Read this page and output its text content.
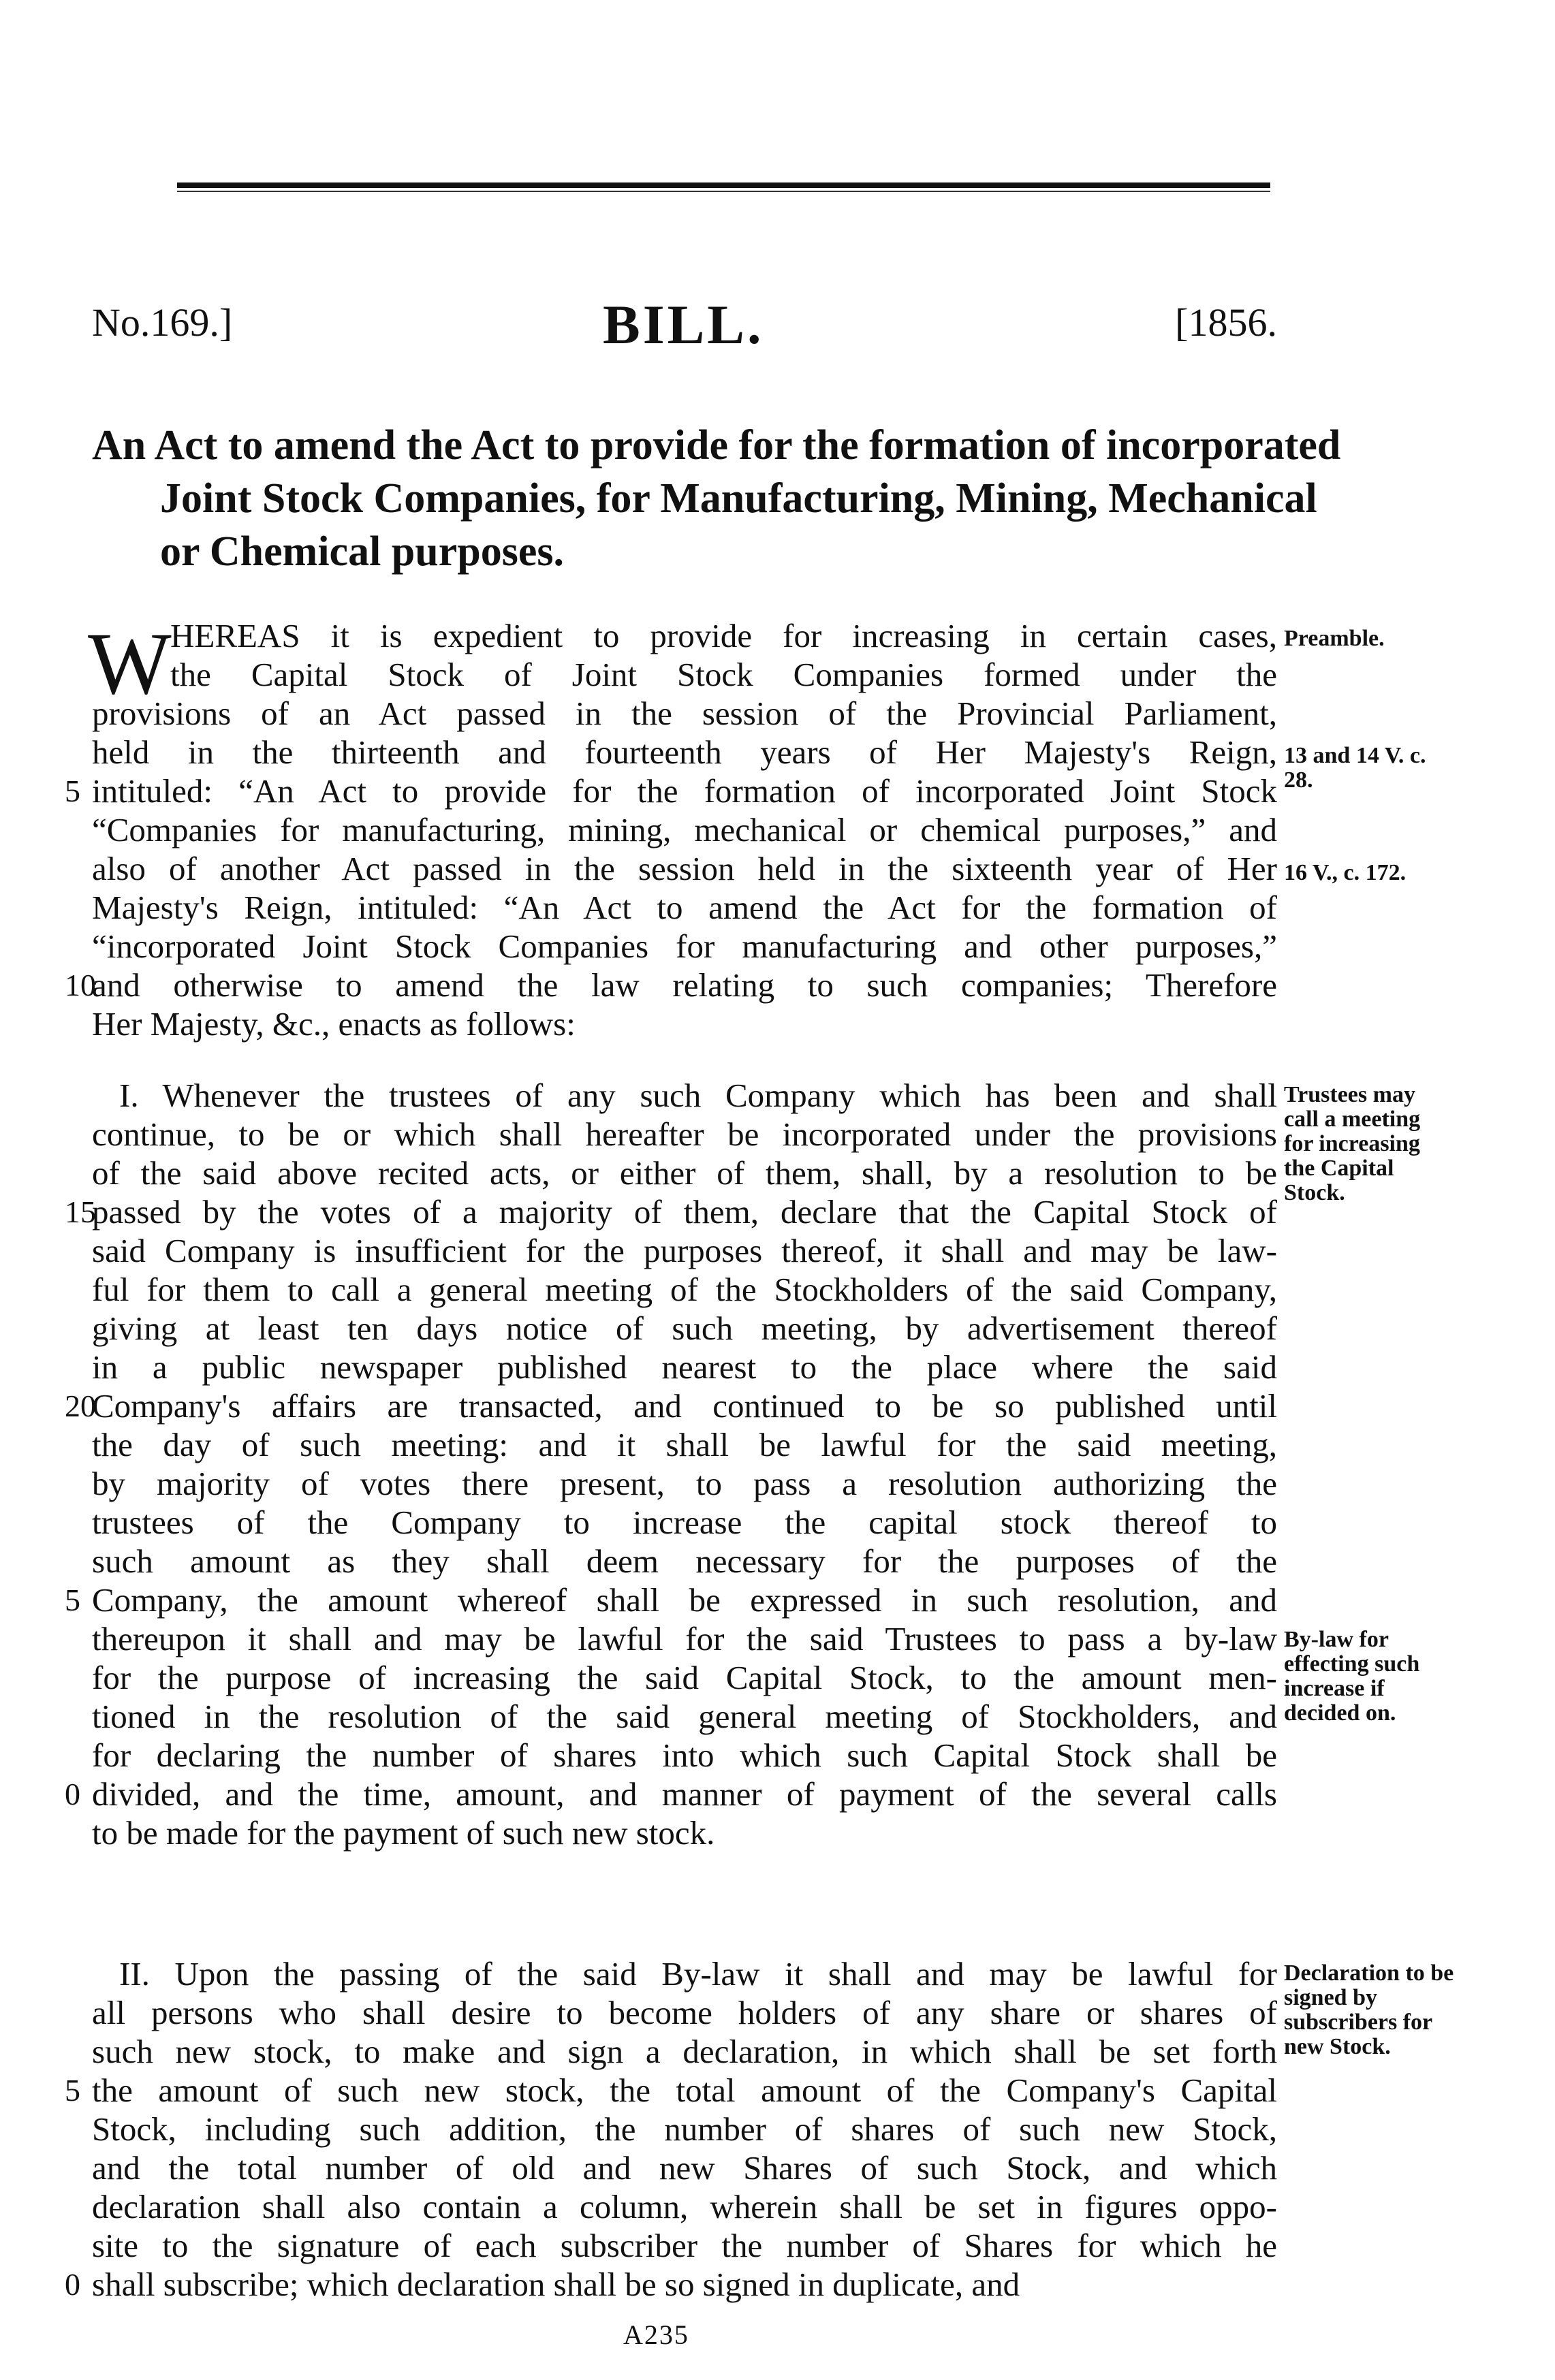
No.169.]	BILL.	[1856.
An Act to amend the Act to provide for the formation of incorporated Joint Stock Companies, for Manufacturing, Mining, Mechanical or Chemical purposes.
W
HEREAS it is expedient to provide for increasing in certain cases,
the Capital Stock of Joint Stock Companies formed under the
provisions of an Act passed in the session of the Provincial Parliament,
held in the thirteenth and fourteenth years of Her Majesty's Reign,
intituled: “An Act to provide for the formation of incorporated Joint Stock
5
“Companies for manufacturing, mining, mechanical or chemical purposes,” and
also of another Act passed in the session held in the sixteenth year of Her
Majesty's Reign, intituled: “An Act to amend the Act for the formation of
“incorporated Joint Stock Companies for manufacturing and other purposes,”
and otherwise to amend the law relating to such companies; Therefore
10
Her Majesty, &c., enacts as follows:
Preamble.
13 and 14 V. c. 28.
16 V., c. 172.
I. Whenever the trustees of any such Company which has been and shall
continue, to be or which shall hereafter be incorporated under the provisions
of the said above recited acts, or either of them, shall, by a resolution to be
passed by the votes of a majority of them, declare that the Capital Stock of
15
said Company is insufficient for the purposes thereof, it shall and may be law-
ful for them to call a general meeting of the Stockholders of the said Company,
giving at least ten days notice of such meeting, by advertisement thereof
in a public newspaper published nearest to the place where the said
Company's affairs are transacted, and continued to be so published until
20
the day of such meeting: and it shall be lawful for the said meeting,
by majority of votes there present, to pass a resolution authorizing the
trustees of the Company to increase the capital stock thereof to
such amount as they shall deem necessary for the purposes of the
Company, the amount whereof shall be expressed in such resolution, and
5
thereupon it shall and may be lawful for the said Trustees to pass a by-law
for the purpose of increasing the said Capital Stock, to the amount men-
tioned in the resolution of the said general meeting of Stockholders, and
for declaring the number of shares into which such Capital Stock shall be
divided, and the time, amount, and manner of payment of the several calls
0
to be made for the payment of such new stock.
Trustees may call a meeting for increasing the Capital Stock.
By-law for effecting such increase if decided on.
II. Upon the passing of the said By-law it shall and may be lawful for
all persons who shall desire to become holders of any share or shares of
such new stock, to make and sign a declaration, in which shall be set forth
the amount of such new stock, the total amount of the Company's Capital
5
Stock, including such addition, the number of shares of such new Stock,
and the total number of old and new Shares of such Stock, and which
declaration shall also contain a column, wherein shall be set in figures oppo-
site to the signature of each subscriber the number of Shares for which he
shall subscribe; which declaration shall be so signed in duplicate, and
0
Declaration to be signed by subscribers for new Stock.
A235
